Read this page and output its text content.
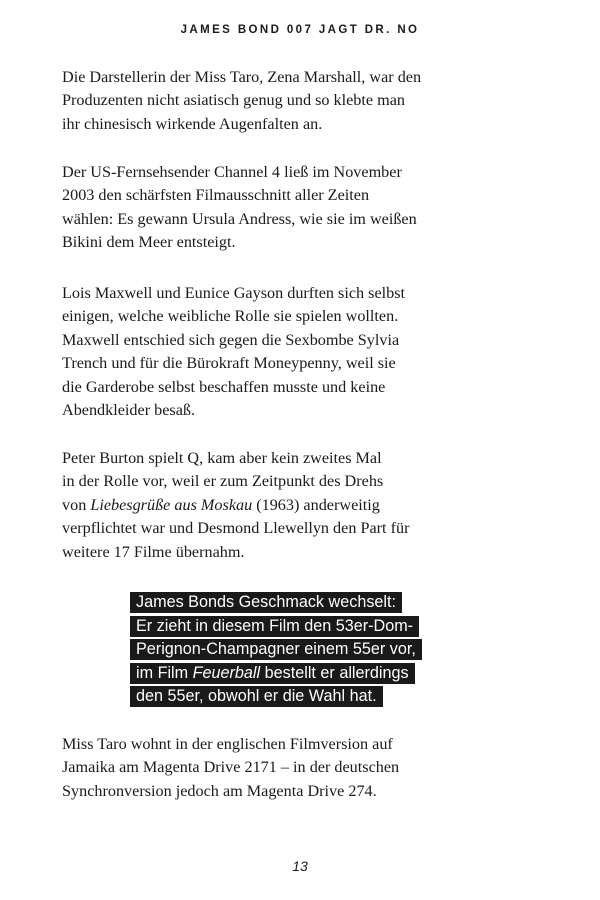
JAMES BOND 007 JAGT DR. NO

Die Darstellerin der Miss Taro, Zena Marshall, war den
Produzenten nicht asiatisch genug und so klebte man
ihr chinesisch wirkende Augenfalten an.

Der US-Fernsehsender Channel 4 ließ im November
2003 den schärfsten Filmausschnitt aller Zeiten
wählen: Es gewann Ursula Andress, wie sie im weißen
Bikini dem Meer entsteigt.

Lois Maxwell und Eunice Gayson durften sich selbst
einigen, welche weibliche Rolle sie spielen wollten.
Maxwell entschied sich gegen die Sexbombe Sylvia
Trench und für die Bürokraft Moneypenny, weil sie
die Garderobe selbst beschaffen musste und keine
Abendkleider besaß.

Peter Burton spielt Q, kam aber kein zweites Mal
in der Rolle vor, weil er zum Zeitpunkt des Drehs
von Liebesgrüße aus Moskau (1963) anderweitig
verpflichtet war und Desmond Llewellyn den Part für
weitere 17 Filme übernahm.

James Bonds Geschmack wechselt:
Er zieht in diesem Film den 53er-Dom-
Perignon-Champagner einem 55er vor,
im Film Feuerball bestellt er allerdings
den 55er, obwohl er die Wahl hat.

Miss Taro wohnt in der englischen Filmversion auf
Jamaika am Magenta Drive 2171 – in der deutschen
Synchronversion jedoch am Magenta Drive 274.

13
